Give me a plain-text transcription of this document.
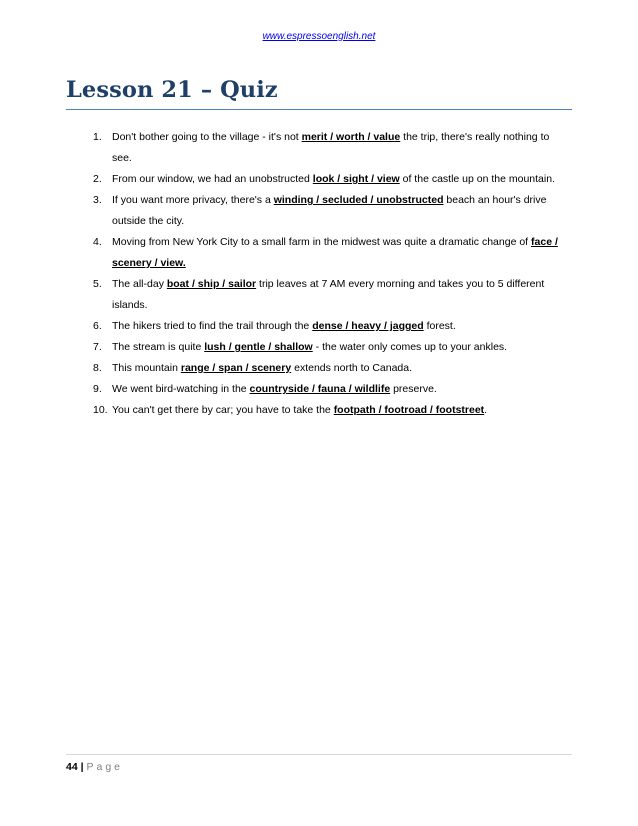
www.espressoenglish.net
Lesson 21 – Quiz
1. Don't bother going to the village - it's not merit / worth / value the trip, there's really nothing to see.
2. From our window, we had an unobstructed look / sight / view of the castle up on the mountain.
3. If you want more privacy, there's a winding / secluded / unobstructed beach an hour's drive outside the city.
4. Moving from New York City to a small farm in the midwest was quite a dramatic change of face / scenery / view.
5. The all-day boat / ship / sailor trip leaves at 7 AM every morning and takes you to 5 different islands.
6. The hikers tried to find the trail through the dense / heavy / jagged forest.
7. The stream is quite lush / gentle / shallow - the water only comes up to your ankles.
8. This mountain range / span / scenery extends north to Canada.
9. We went bird-watching in the countryside / fauna / wildlife preserve.
10. You can't get there by car; you have to take the footpath / footroad / footstreet.
44 | Page
